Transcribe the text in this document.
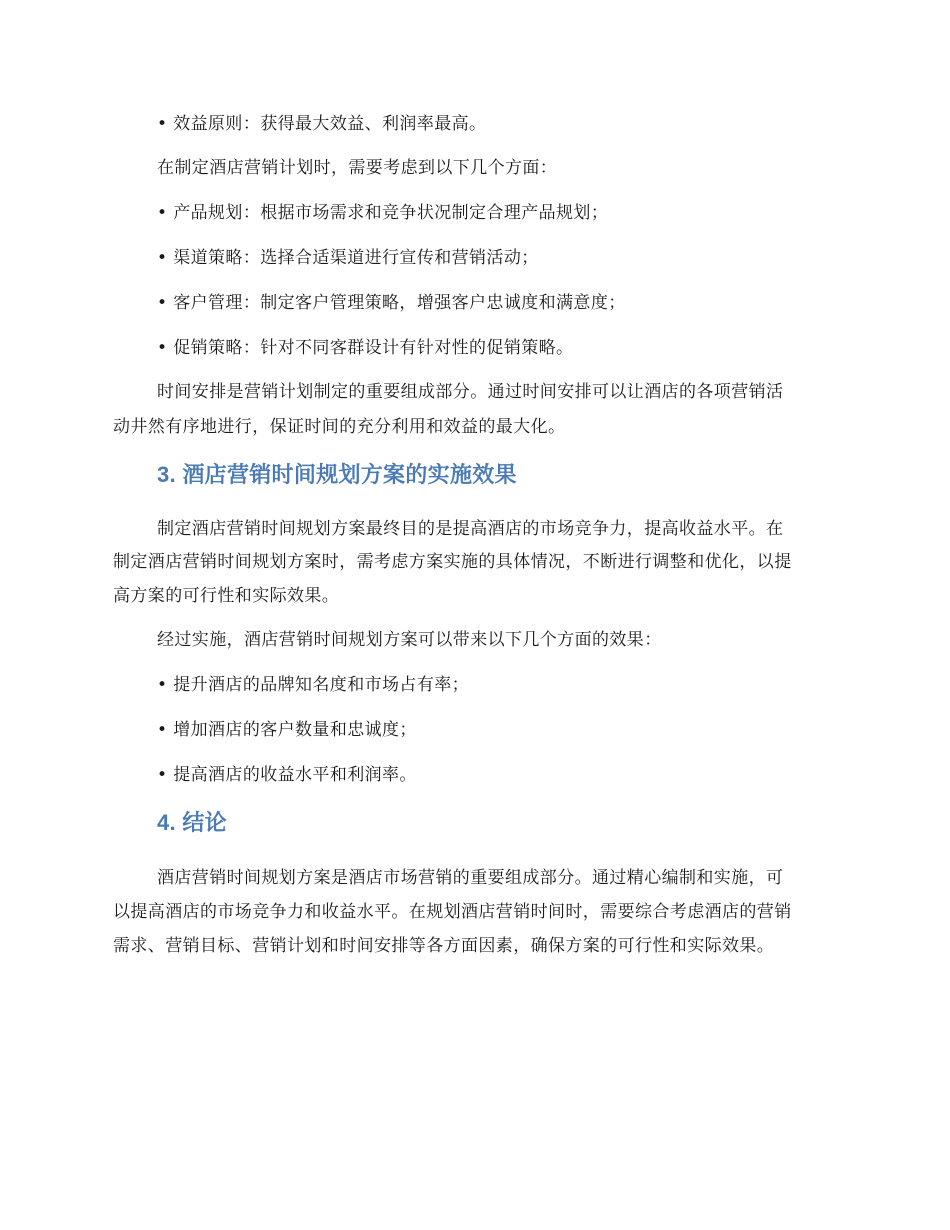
• 效益原则：获得最大效益、利润率最高。
在制定酒店营销计划时，需要考虑到以下几个方面：
• 产品规划：根据市场需求和竞争状况制定合理产品规划；
• 渠道策略：选择合适渠道进行宣传和营销活动；
• 客户管理：制定客户管理策略，增强客户忠诚度和满意度；
• 促销策略：针对不同客群设计有针对性的促销策略。
时间安排是营销计划制定的重要组成部分。通过时间安排可以让酒店的各项营销活
动井然有序地进行，保证时间的充分利用和效益的最大化。
3. 酒店营销时间规划方案的实施效果
制定酒店营销时间规划方案最终目的是提高酒店的市场竞争力，提高收益水平。在
制定酒店营销时间规划方案时，需考虑方案实施的具体情况，不断进行调整和优化，以提
高方案的可行性和实际效果。
经过实施，酒店营销时间规划方案可以带来以下几个方面的效果：
• 提升酒店的品牌知名度和市场占有率；
• 增加酒店的客户数量和忠诚度；
• 提高酒店的收益水平和利润率。
4. 结论
酒店营销时间规划方案是酒店市场营销的重要组成部分。通过精心编制和实施，可
以提高酒店的市场竞争力和收益水平。在规划酒店营销时间时，需要综合考虑酒店的营销
需求、营销目标、营销计划和时间安排等各方面因素，确保方案的可行性和实际效果。
